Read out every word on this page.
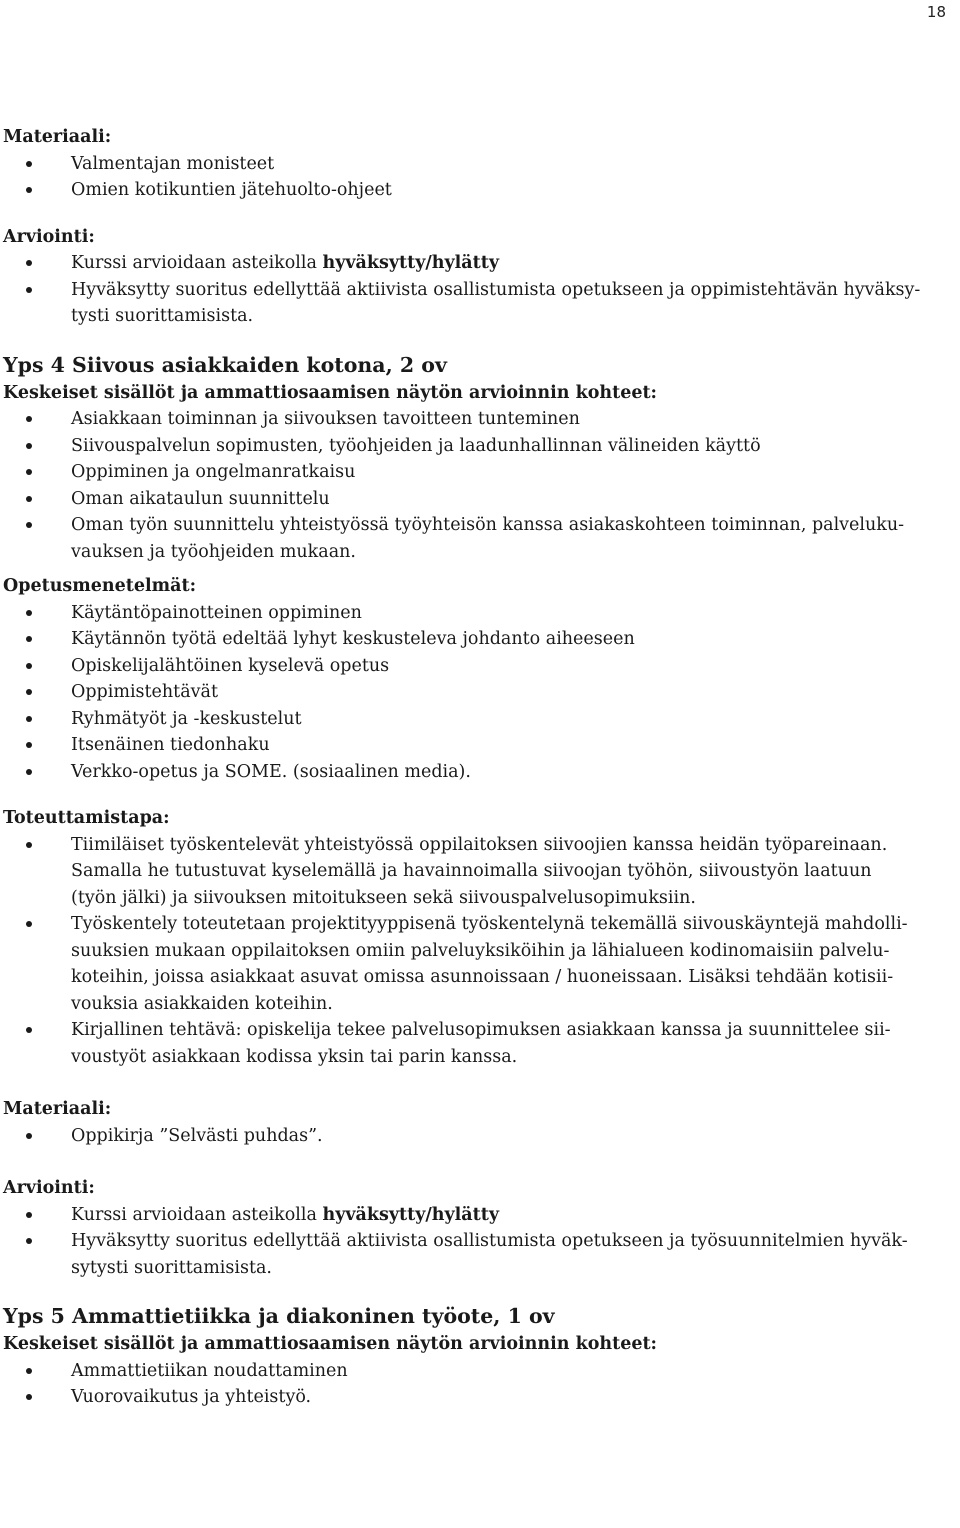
18
Materiaali:
Valmentajan monisteet
Omien kotikuntien jätehuolto-ohjeet
Arviointi:
Kurssi arvioidaan asteikolla hyväksytty/hylätty
Hyväksytty suoritus edellyttää aktiivista osallistumista opetukseen ja oppimistehtävän hyväksy-
tysti suorittamisista.
Yps 4 Siivous asiakkaiden kotona, 2 ov
Keskeiset sisällöt ja ammattiosaamisen näytön arvioinnin kohteet:
Asiakkaan toiminnan ja siivouksen tavoitteen tunteminen
Siivouspalvelun sopimusten, työohjeiden ja laadunhallinnan välineiden käyttö
Oppiminen ja ongelmanratkaisu
Oman aikataulun suunnittelu
Oman työn suunnittelu yhteistyössä työyhteisön kanssa asiakaskohteen toiminnan, palveluku-
vauksen ja työohjeiden mukaan.
Opetusmenetelmät:
Käytäntöpainotteinen oppiminen
Käytännön työtä edeltää lyhyt keskusteleva johdanto aiheeseen
Opiskelijalähtöinen kyselevä opetus
Oppimistehtävät
Ryhmätyöt ja -keskustelut
Itsenäinen tiedonhaku
Verkko-opetus ja SOME. (sosiaalinen media).
Toteuttamistapa:
Tiimiläiset työskentelevät yhteistyössä oppilaitoksen siivoojien kanssa heidän työpareinaan.
Samalla he tutustuvat kyselemällä ja havainnoimalla siivoojan työhön, siivoustyön laatuun
(työn jälki) ja siivouksen mitoitukseen sekä siivouspalvelusopimuksiin.
Työskentely toteutetaan projektityyppisenä työskentelynä tekemällä siivouskäyntejä mahdolli-
suuksien mukaan oppilaitoksen omiin palveluyksiköihin ja lähialueen kodinomaisiin palvelu-
koteihin, joissa asiakkaat asuvat omissa asunnoissaan / huoneissaan. Lisäksi tehdään kotisii-
vouksia asiakkaiden koteihin.
Kirjallinen tehtävä: opiskelija tekee palvelusopimuksen asiakkaan kanssa ja suunnittelee sii-
voustyöt asiakkaan kodissa yksin tai parin kanssa.
Materiaali:
Oppikirja ”Selvästi puhdas”.
Arviointi:
Kurssi arvioidaan asteikolla hyväksytty/hylätty
Hyväksytty suoritus edellyttää aktiivista osallistumista opetukseen ja työsuunnitelmien hyväk-
sytysti suorittamisista.
Yps 5 Ammattietiikka ja diakoninen työote, 1 ov
Keskeiset sisällöt ja ammattiosaamisen näytön arvioinnin kohteet:
Ammattietiikan noudattaminen
Vuorovaikutus ja yhteistyö.
